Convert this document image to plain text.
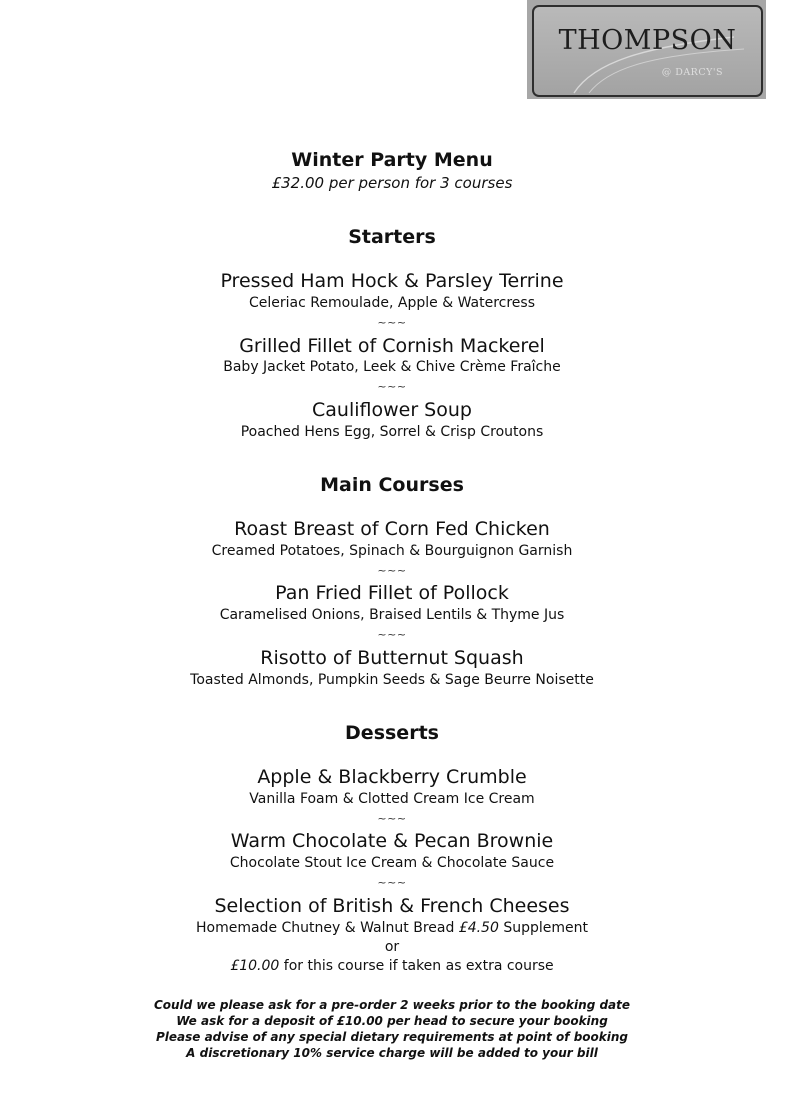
THOMPSON
@ DARCY'S
Winter Party Menu
£32.00 per person for 3 courses
Starters
Pressed Ham Hock & Parsley Terrine
Celeriac Remoulade, Apple & Watercress
~~~
Grilled Fillet of Cornish Mackerel
Baby Jacket Potato, Leek & Chive Crème Fraîche
~~~
Cauliflower Soup
Poached Hens Egg, Sorrel & Crisp Croutons
Main Courses
Roast Breast of Corn Fed Chicken
Creamed Potatoes, Spinach & Bourguignon Garnish
~~~
Pan Fried Fillet of Pollock
Caramelised Onions, Braised Lentils & Thyme Jus
~~~
Risotto of Butternut Squash
Toasted Almonds, Pumpkin Seeds & Sage Beurre Noisette
Desserts
Apple & Blackberry Crumble
Vanilla Foam & Clotted Cream Ice Cream
~~~
Warm Chocolate & Pecan Brownie
Chocolate Stout Ice Cream & Chocolate Sauce
~~~
Selection of British & French Cheeses
Homemade Chutney & Walnut Bread £4.50 Supplement
or
£10.00 for this course if taken as extra course
Could we please ask for a pre-order 2 weeks prior to the booking date
We ask for a deposit of £10.00 per head to secure your booking
Please advise of any special dietary requirements at point of booking
A discretionary 10% service charge will be added to your bill
